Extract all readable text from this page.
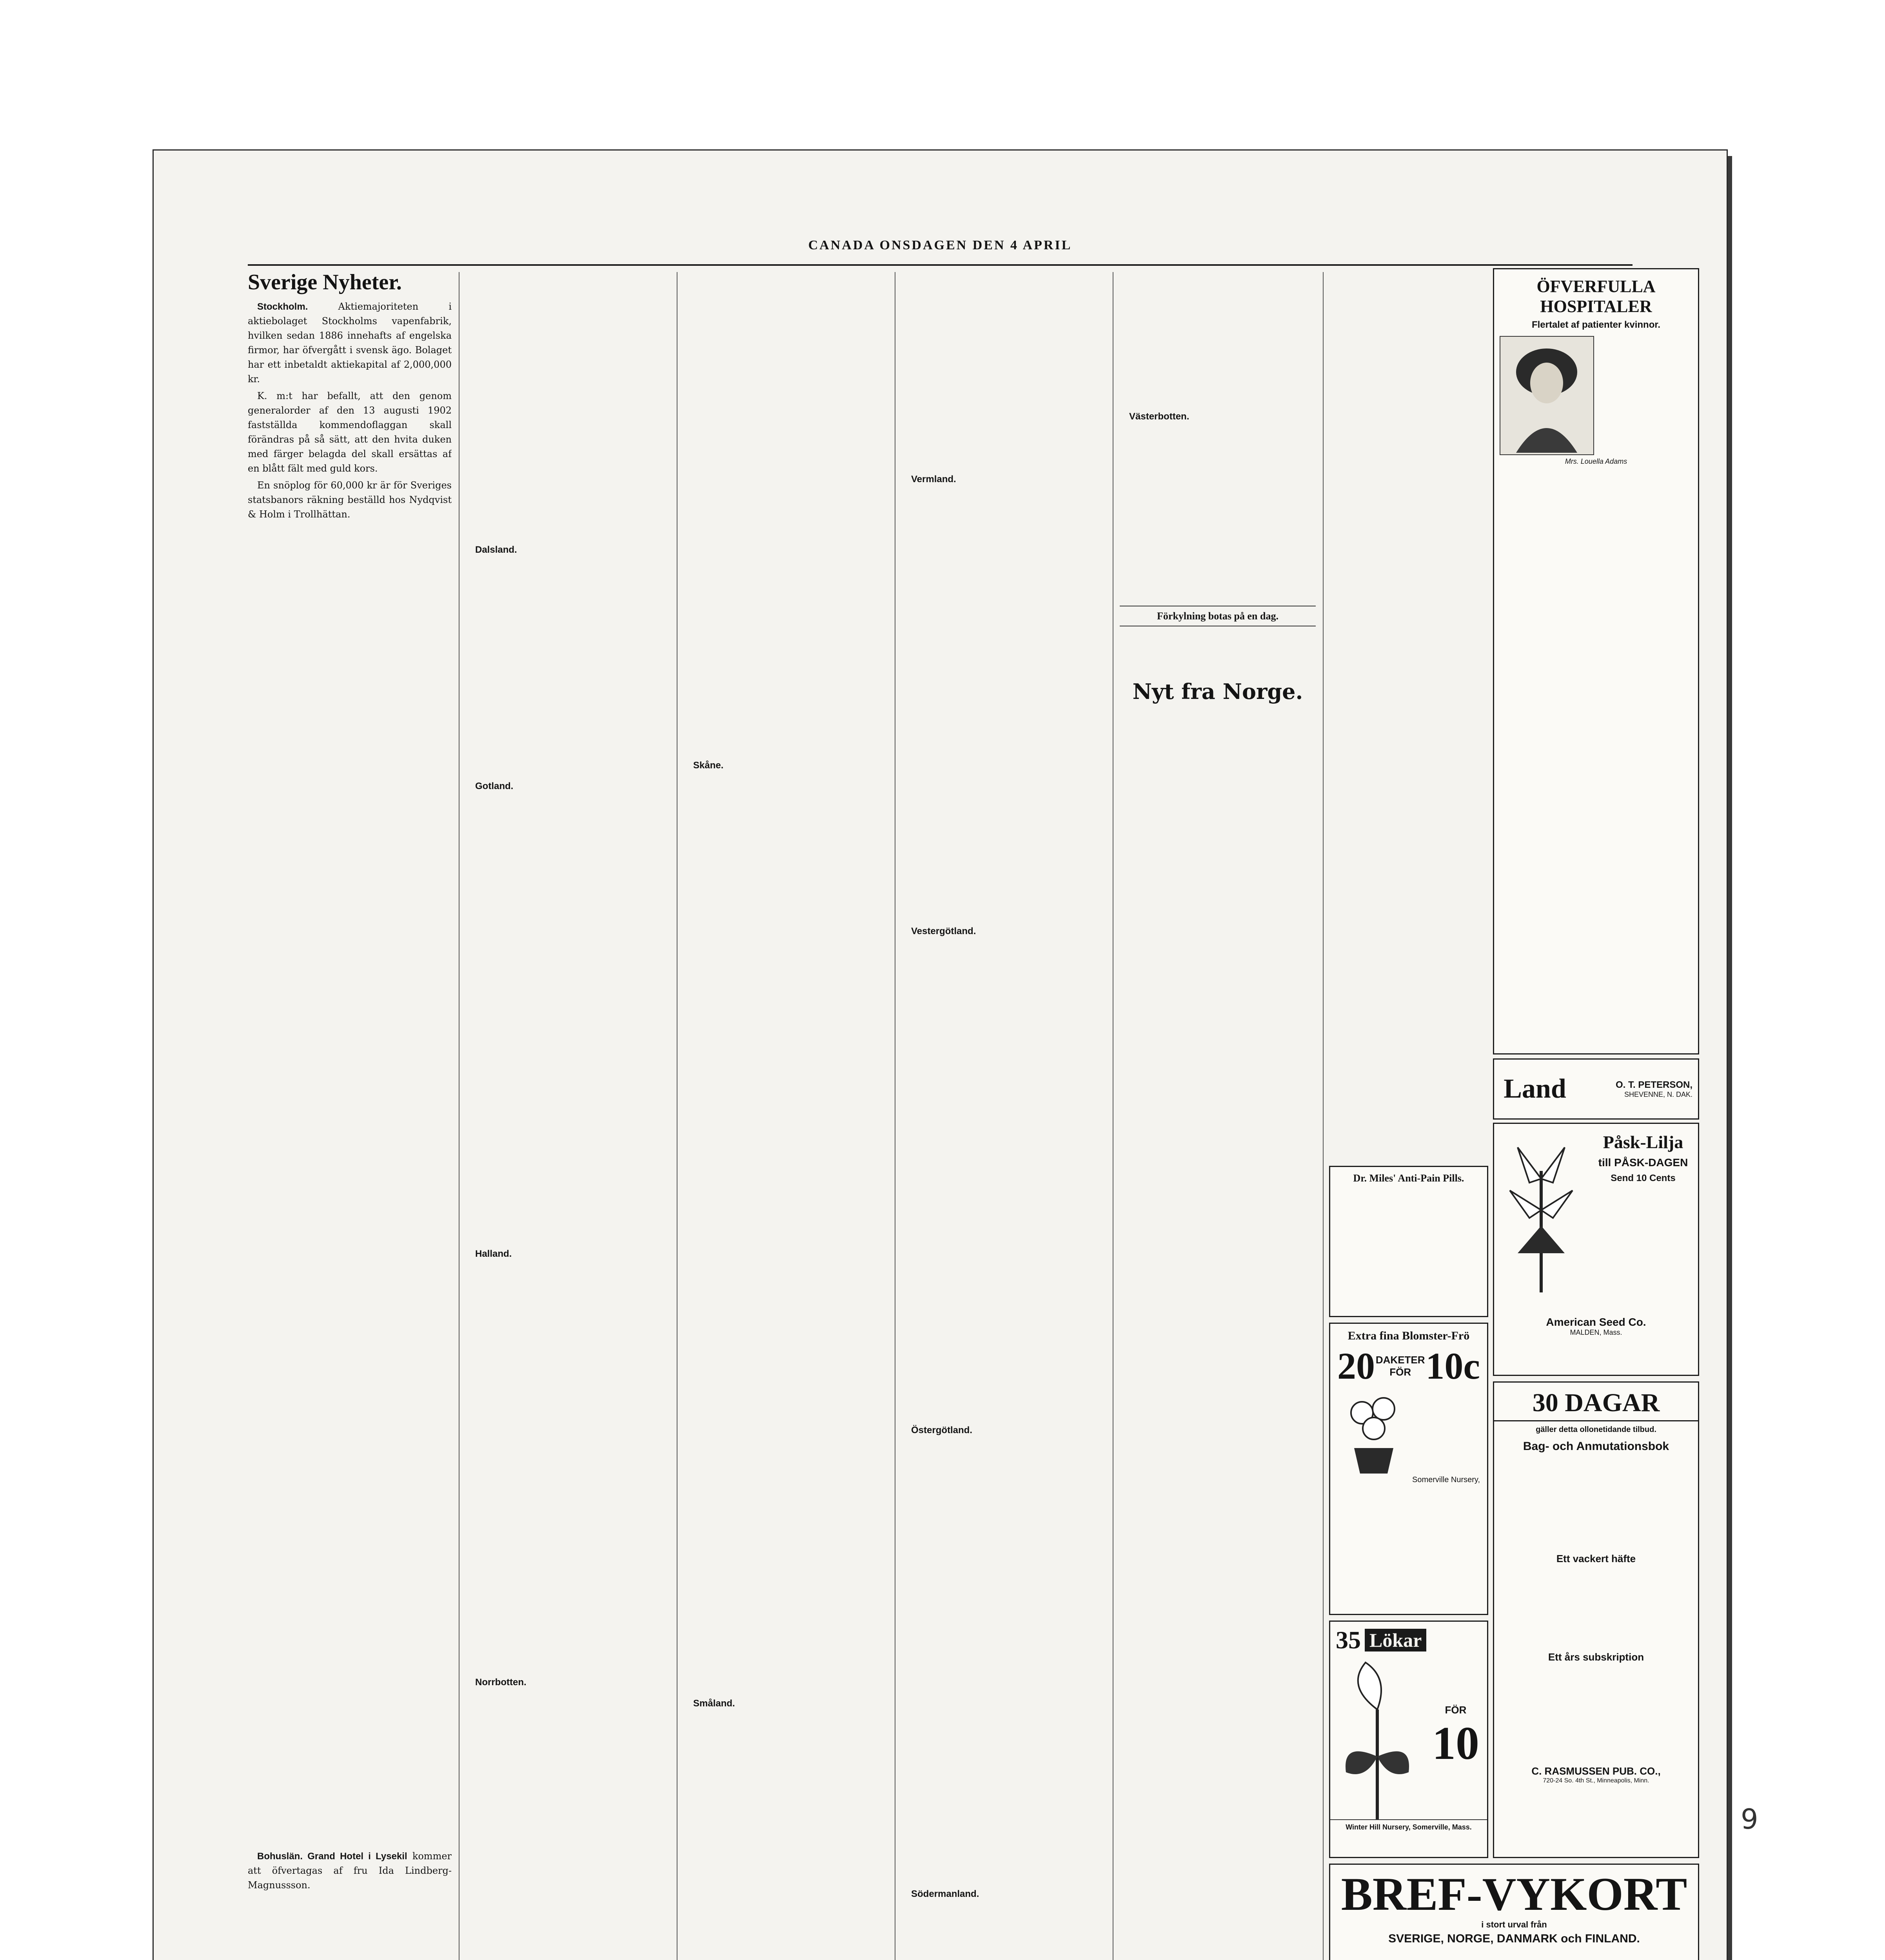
CANADA ONSDAGEN DEN 4 APRIL
Sverige Nyheter.

Stockholm.	Aktiemajoriteten i aktiebolaget Stockholms vapenfabrik, hvilken sedan 1886 innehafts af engelska firmor, har öfvergått i svensk ägo. Bolaget har ett inbetaldt aktiekapital af 2,000,000 kr.

K. m:t har befallt, att den genom generalorder af den 13 augusti 1902 fastställda kommendoflaggan skall förändras på så sätt, att den hvita duken med färger belagda del skall ersättas af en blått fält med guld kors.

En snöplog för 60,000 kr är för Sveriges statsbanors räkning beställd hos Nydqvist & Holm i Trollhättan.

Bohuslän. Grand Hotel i Lysekil kommer att öfvertagas af fru Ida Lindberg-Magnussson.

Dalsland.

Gotland.

Halland.

Norrbotten.

Skåne.

Småland.

Vermland.

Vestergötland.

Östergötland.

Södermanland.

Västerbotten.

Förkylning botas på en dag.
Nyt fra Norge.
ÖFVERFULLA HOSPITALER
Flertalet af patienter kvinnor.
Mrs. Louella Adams
Land	O. T. PETERSON,
SHEVENNE, N. DAK.
Dr. Miles' Anti-Pain Pills.
Påsk-Lilja
till PÅSK-DAGEN
Send 10 Cents
American Seed Co.
MALDEN, Mass.
Extra fina Blomster-Frö
20 DAKETER
FÖR 10c
Somerville Nursery,
35 Lökar
FÖR
10
Winter Hill Nursery, Somerville, Mass.
30 DAGAR
gäller detta ollonetidande tilbud.
Bag- och Anmutationsbok
Ett vackert häfte
Ett års subskription
C. RASMUSSEN PUB. CO.,
720-24 So. 4th St., Minneapolis, Minn.
BREF-VYKORT
i stort urval från
SVERIGE, NORGE, DANMARK och FINLAND.
9
